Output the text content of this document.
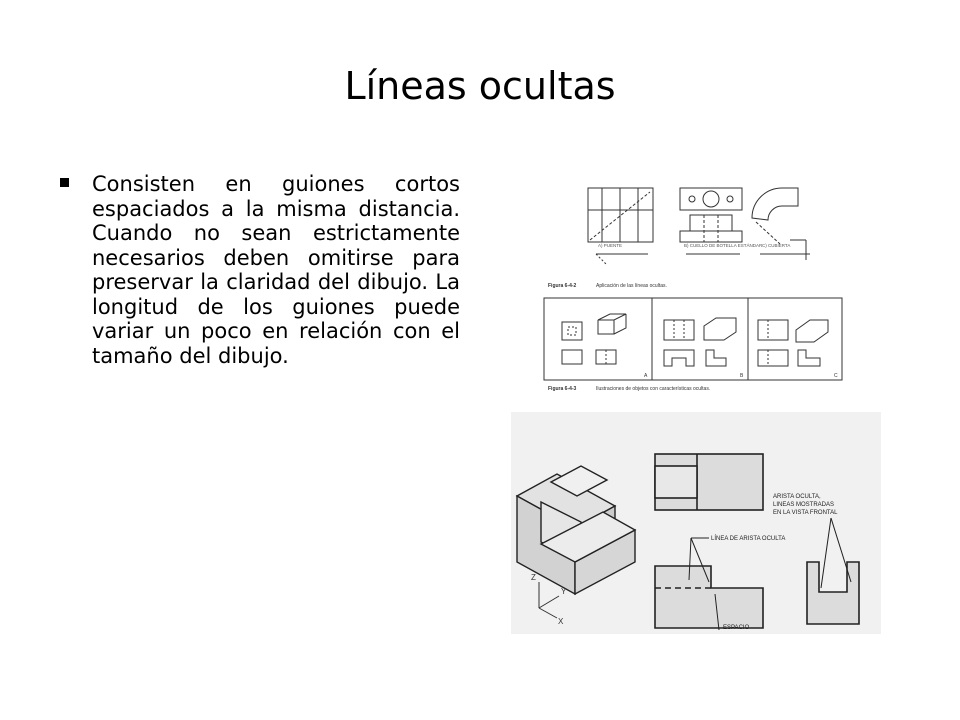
Líneas ocultas
Consisten en guiones cortos espaciados a la misma distancia. Cuando no sean estrictamente necesarios deben omitirse para preservar la claridad del dibujo. La longitud de los guiones puede variar un poco en relación con el tamaño del dibujo.
A) PUENTE	B) CUELLO DE BOTELLA ESTÁNDAR C) CUBIERTA
Figura 6-4-2	Aplicación de las líneas ocultas.
A	B	C
Figura 6-4-3	Ilustraciones de objetos con características ocultas.
Z
Y
X
ARISTA OCULTA,
LINEAS MOSTRADAS
EN LA VISTA FRONTAL
LÍNEA DE ARISTA OCULTA
ESPACIO
